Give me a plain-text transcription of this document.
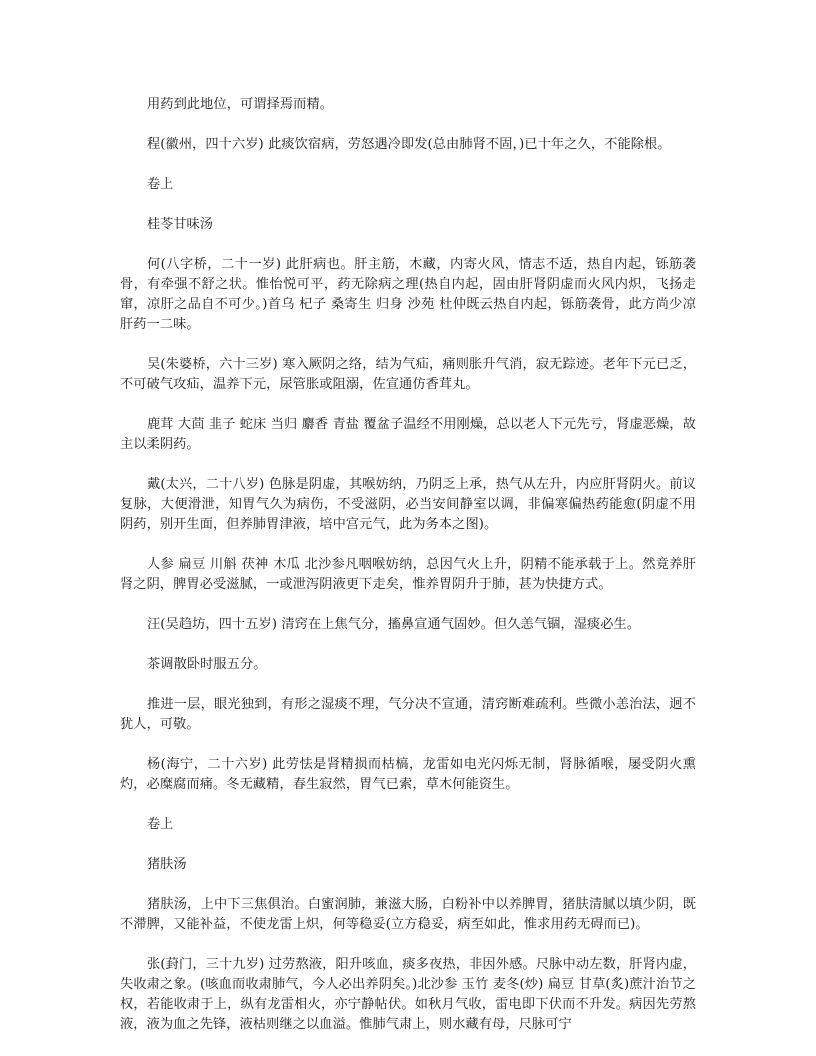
用药到此地位，可谓择焉而精。

程(徽州，四十六岁) 此痰饮宿病，劳怒遇冷即发(总由肺肾不固，)已十年之久，不能除根。

卷上

桂苓甘味汤

何(八字桥，二十一岁) 此肝病也。肝主筋，木藏，内寄火风，情志不适，热自内起，铄筋袭骨，有牵强不舒之状。惟怡悦可平，药无除病之理(热自内起，固由肝肾阴虚而火风内炽，飞扬走窜，凉肝之品自不可少。)首乌 杞子 桑寄生 归身 沙苑 杜仲既云热自内起，铄筋袭骨，此方尚少凉肝药一二味。

吴(朱婆桥，六十三岁) 寒入厥阴之络，结为气疝，痛则胀升气消，寂无踪迹。老年下元已乏，不可破气攻疝，温养下元，尿管胀或阻溺，佐宣通仿香茸丸。

鹿茸 大茴 韭子 蛇床 当归 麝香 青盐 覆盆子温经不用刚燥，总以老人下元先亏，肾虚恶燥，故主以柔阴药。

戴(太兴，二十八岁) 色脉是阴虚，其喉妨纳，乃阴乏上承，热气从左升，内应肝肾阴火。前议复脉，大便滑泄，知胃气久为病伤，不受滋阴，必当安间静室以调，非偏寒偏热药能愈(阴虚不用阴药，别开生面，但养肺胃津液，培中宫元气，此为务本之图)。

人参 扁豆 川斛 茯神 木瓜 北沙参凡咽喉妨纳，总因气火上升，阴精不能承载于上。然竟养肝肾之阴，脾胃必受滋腻，一或泄泻阴液更下走矣，惟养胃阴升于肺，甚为快捷方式。

汪(吴趋坊，四十五岁) 清窍在上焦气分，搐鼻宣通气固妙。但久恙气锢，湿痰必生。

茶调散卧时服五分。

推进一层，眼光独到，有形之湿痰不理，气分决不宣通，清窍断难疏利。些微小恙治法，迥不犹人，可敬。

杨(海宁，二十六岁) 此劳怯是肾精损而枯槁，龙雷如电光闪烁无制，肾脉循喉，屡受阴火熏灼，必糜腐而痛。冬无藏精，春生寂然，胃气已索，草木何能资生。

卷上

猪肤汤

猪肤汤，上中下三焦俱治。白蜜润肺，兼滋大肠，白粉补中以养脾胃，猪肤清腻以填少阴，既不滞脾，又能补益，不使龙雷上炽，何等稳妥(立方稳妥，病至如此，惟求用药无碍而已)。

张(葑门，三十九岁) 过劳熬液，阳升咳血，痰多夜热，非因外感。尺脉中动左数，肝肾内虚，失收肃之象。(咳血而收肃肺气，今人必出养阴矣。)北沙参 玉竹 麦冬(炒) 扁豆 甘草(炙)蔗汁治节之权，若能收肃于上，纵有龙雷相火，亦宁静帖伏。如秋月气收，雷电即下伏而不升发。病因先劳熬液，液为血之先锋，液枯则继之以血溢。惟肺气肃上，则水藏有母，尺脉可宁
